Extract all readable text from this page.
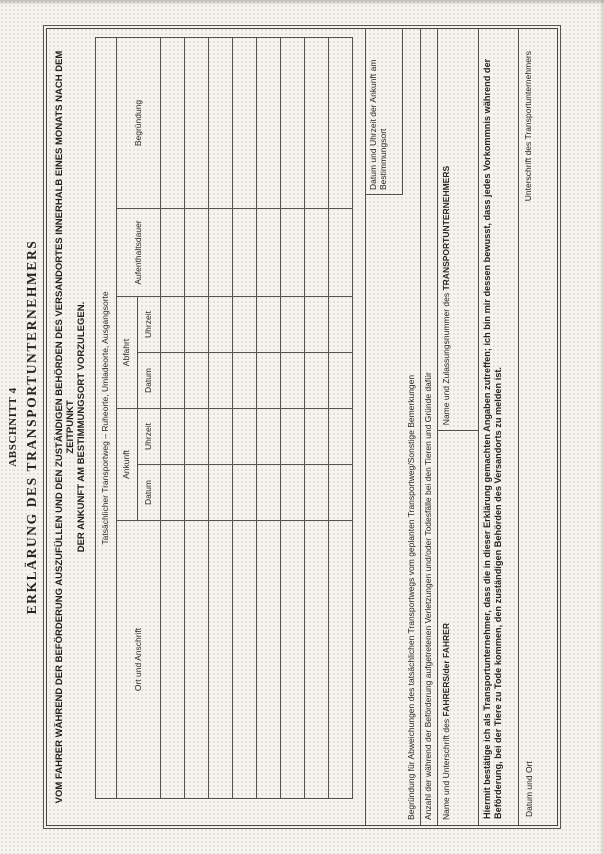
ABSCHNITT 4 ERKLÄRUNG DES TRANSPORTUNTERNEHMERS VOM FAHRER WÄHREND DER BEFÖRDERUNG AUSZUFÜLLEN UND DEN ZUSTÄNDIGEN BEHÖRDEN DES VERSANDORTES INNERHALB EINES MONATS NACH DEM ZEITPUNKT DER ANKUNFT AM BESTIMMUNGSORT VORZULEGEN. Tatsächlicher Transportweg – Ruheorte, Umladeorte, Ausgangsorte						
Ort und Anschrift	Ankunft		Abfahrt		Aufenthaltsdauer	Begründung
	Datum	Uhrzeit	Datum	Uhrzeit		

Begründung für Abweichungen des tatsächlichen Transportwegs vom geplanten Transportweg/Sonstige Bemerkungen
Datum und Uhrzeit der Ankunft am Bestimmungsort
Anzahl der während der Beförderung aufgetretenen Verletzungen und/oder Todesfälle bei den Tieren und Gründe dafür Name und Unterschrift des FAHRERS/der FAHRER
Name und Zulassungsnummer des TRANSPORTUNTERNEHMERS	Hiermit bestätige ich als Transportunternehmer, dass die in dieser Erklärung gemachten Angaben zutreffen; ich bin mir dessen bewusst, dass jedes Vorkommnis während der Beförderung, bei der Tiere zu Tode kommen, den zuständigen Behörden des Versandorts zu melden ist. Datum und Ort
Unterschrift des Transportunternehmers
